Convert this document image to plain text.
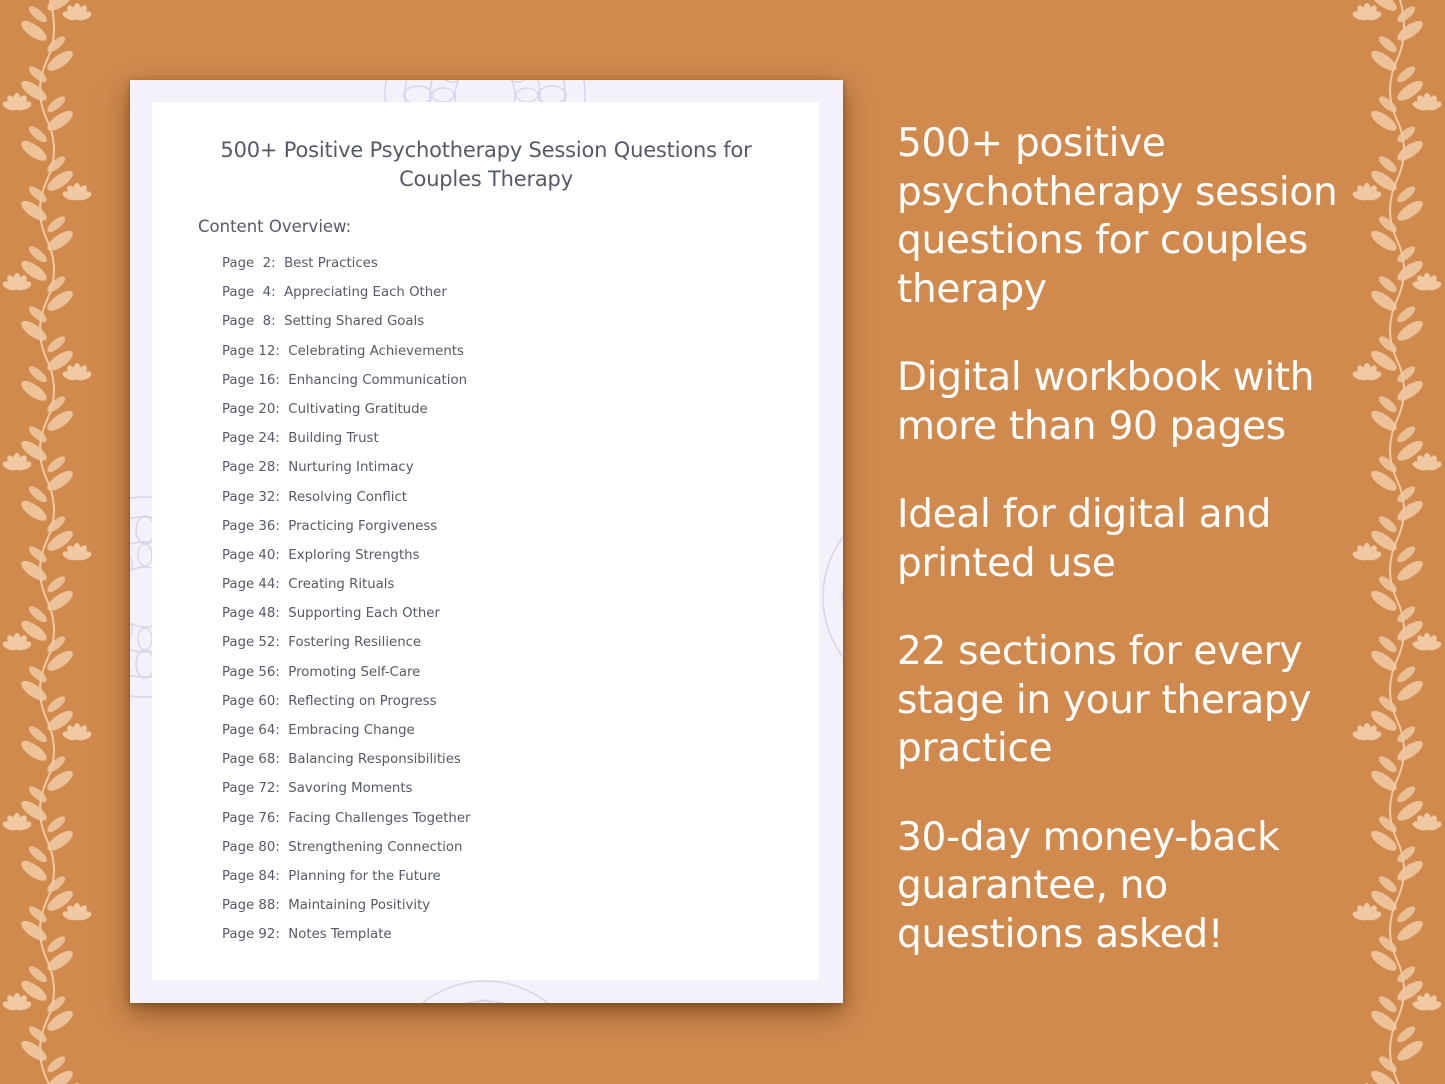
500+ Positive Psychotherapy Session Questions for Couples Therapy
Content Overview:
Page  2: Best Practices
Page  4: Appreciating Each Other
Page  8: Setting Shared Goals
Page 12: Celebrating Achievements
Page 16: Enhancing Communication
Page 20: Cultivating Gratitude
Page 24: Building Trust
Page 28: Nurturing Intimacy
Page 32: Resolving Conflict
Page 36: Practicing Forgiveness
Page 40: Exploring Strengths
Page 44: Creating Rituals
Page 48: Supporting Each Other
Page 52: Fostering Resilience
Page 56: Promoting Self-Care
Page 60: Reflecting on Progress
Page 64: Embracing Change
Page 68: Balancing Responsibilities
Page 72: Savoring Moments
Page 76: Facing Challenges Together
Page 80: Strengthening Connection
Page 84: Planning for the Future
Page 88: Maintaining Positivity
Page 92: Notes Template
500+ positive psychotherapy session questions for couples therapy
Digital workbook with more than 90 pages
Ideal for digital and printed use
22 sections for every stage in your therapy practice
30-day money-back guarantee, no questions asked!
